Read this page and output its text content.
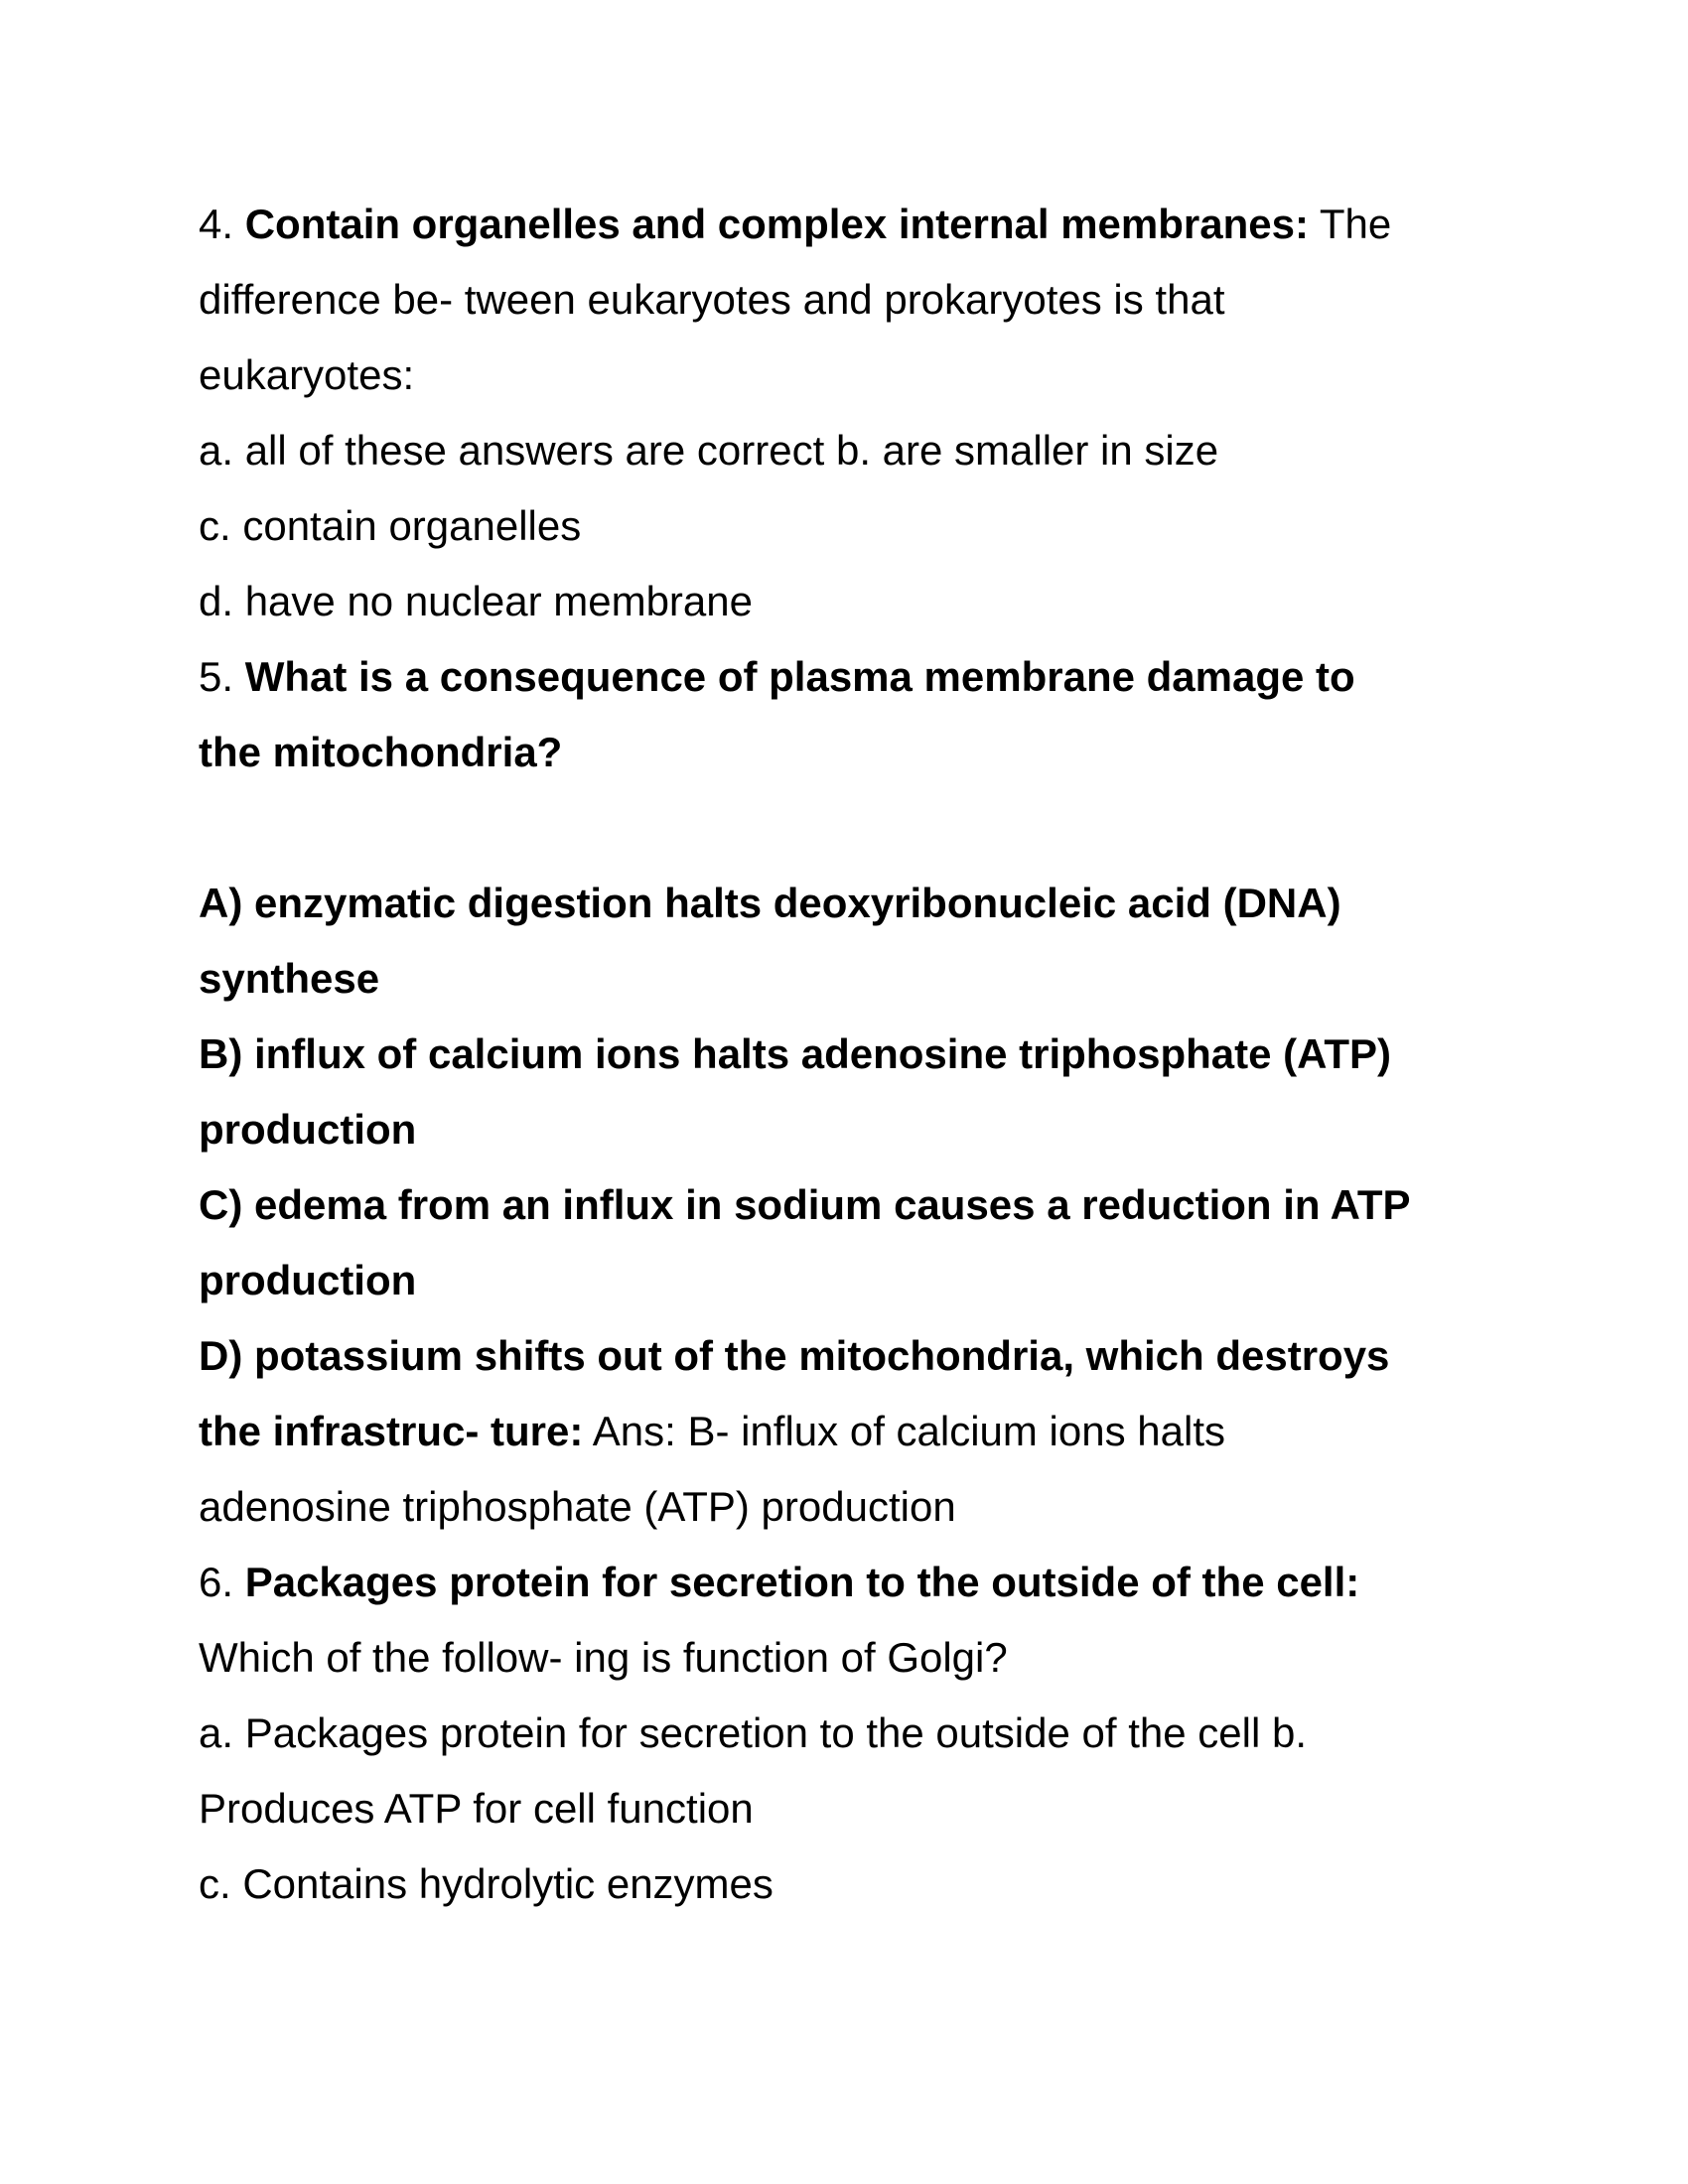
4. Contain organelles and complex internal membranes: The
difference be- tween eukaryotes and prokaryotes is that
eukaryotes:
a. all of these answers are correct b. are smaller in size
c. contain organelles
d. have no nuclear membrane
5. What is a consequence of plasma membrane damage to
the mitochondria?
A) enzymatic digestion halts deoxyribonucleic acid (DNA)
synthese
B) influx of calcium ions halts adenosine triphosphate (ATP)
production
C) edema from an influx in sodium causes a reduction in ATP
production
D) potassium shifts out of the mitochondria, which destroys
the infrastruc- ture: Ans: B- influx of calcium ions halts
adenosine triphosphate (ATP) production
6. Packages protein for secretion to the outside of the cell:
Which of the follow- ing is function of Golgi?
a. Packages protein for secretion to the outside of the cell b.
Produces ATP for cell function
c. Contains hydrolytic enzymes
